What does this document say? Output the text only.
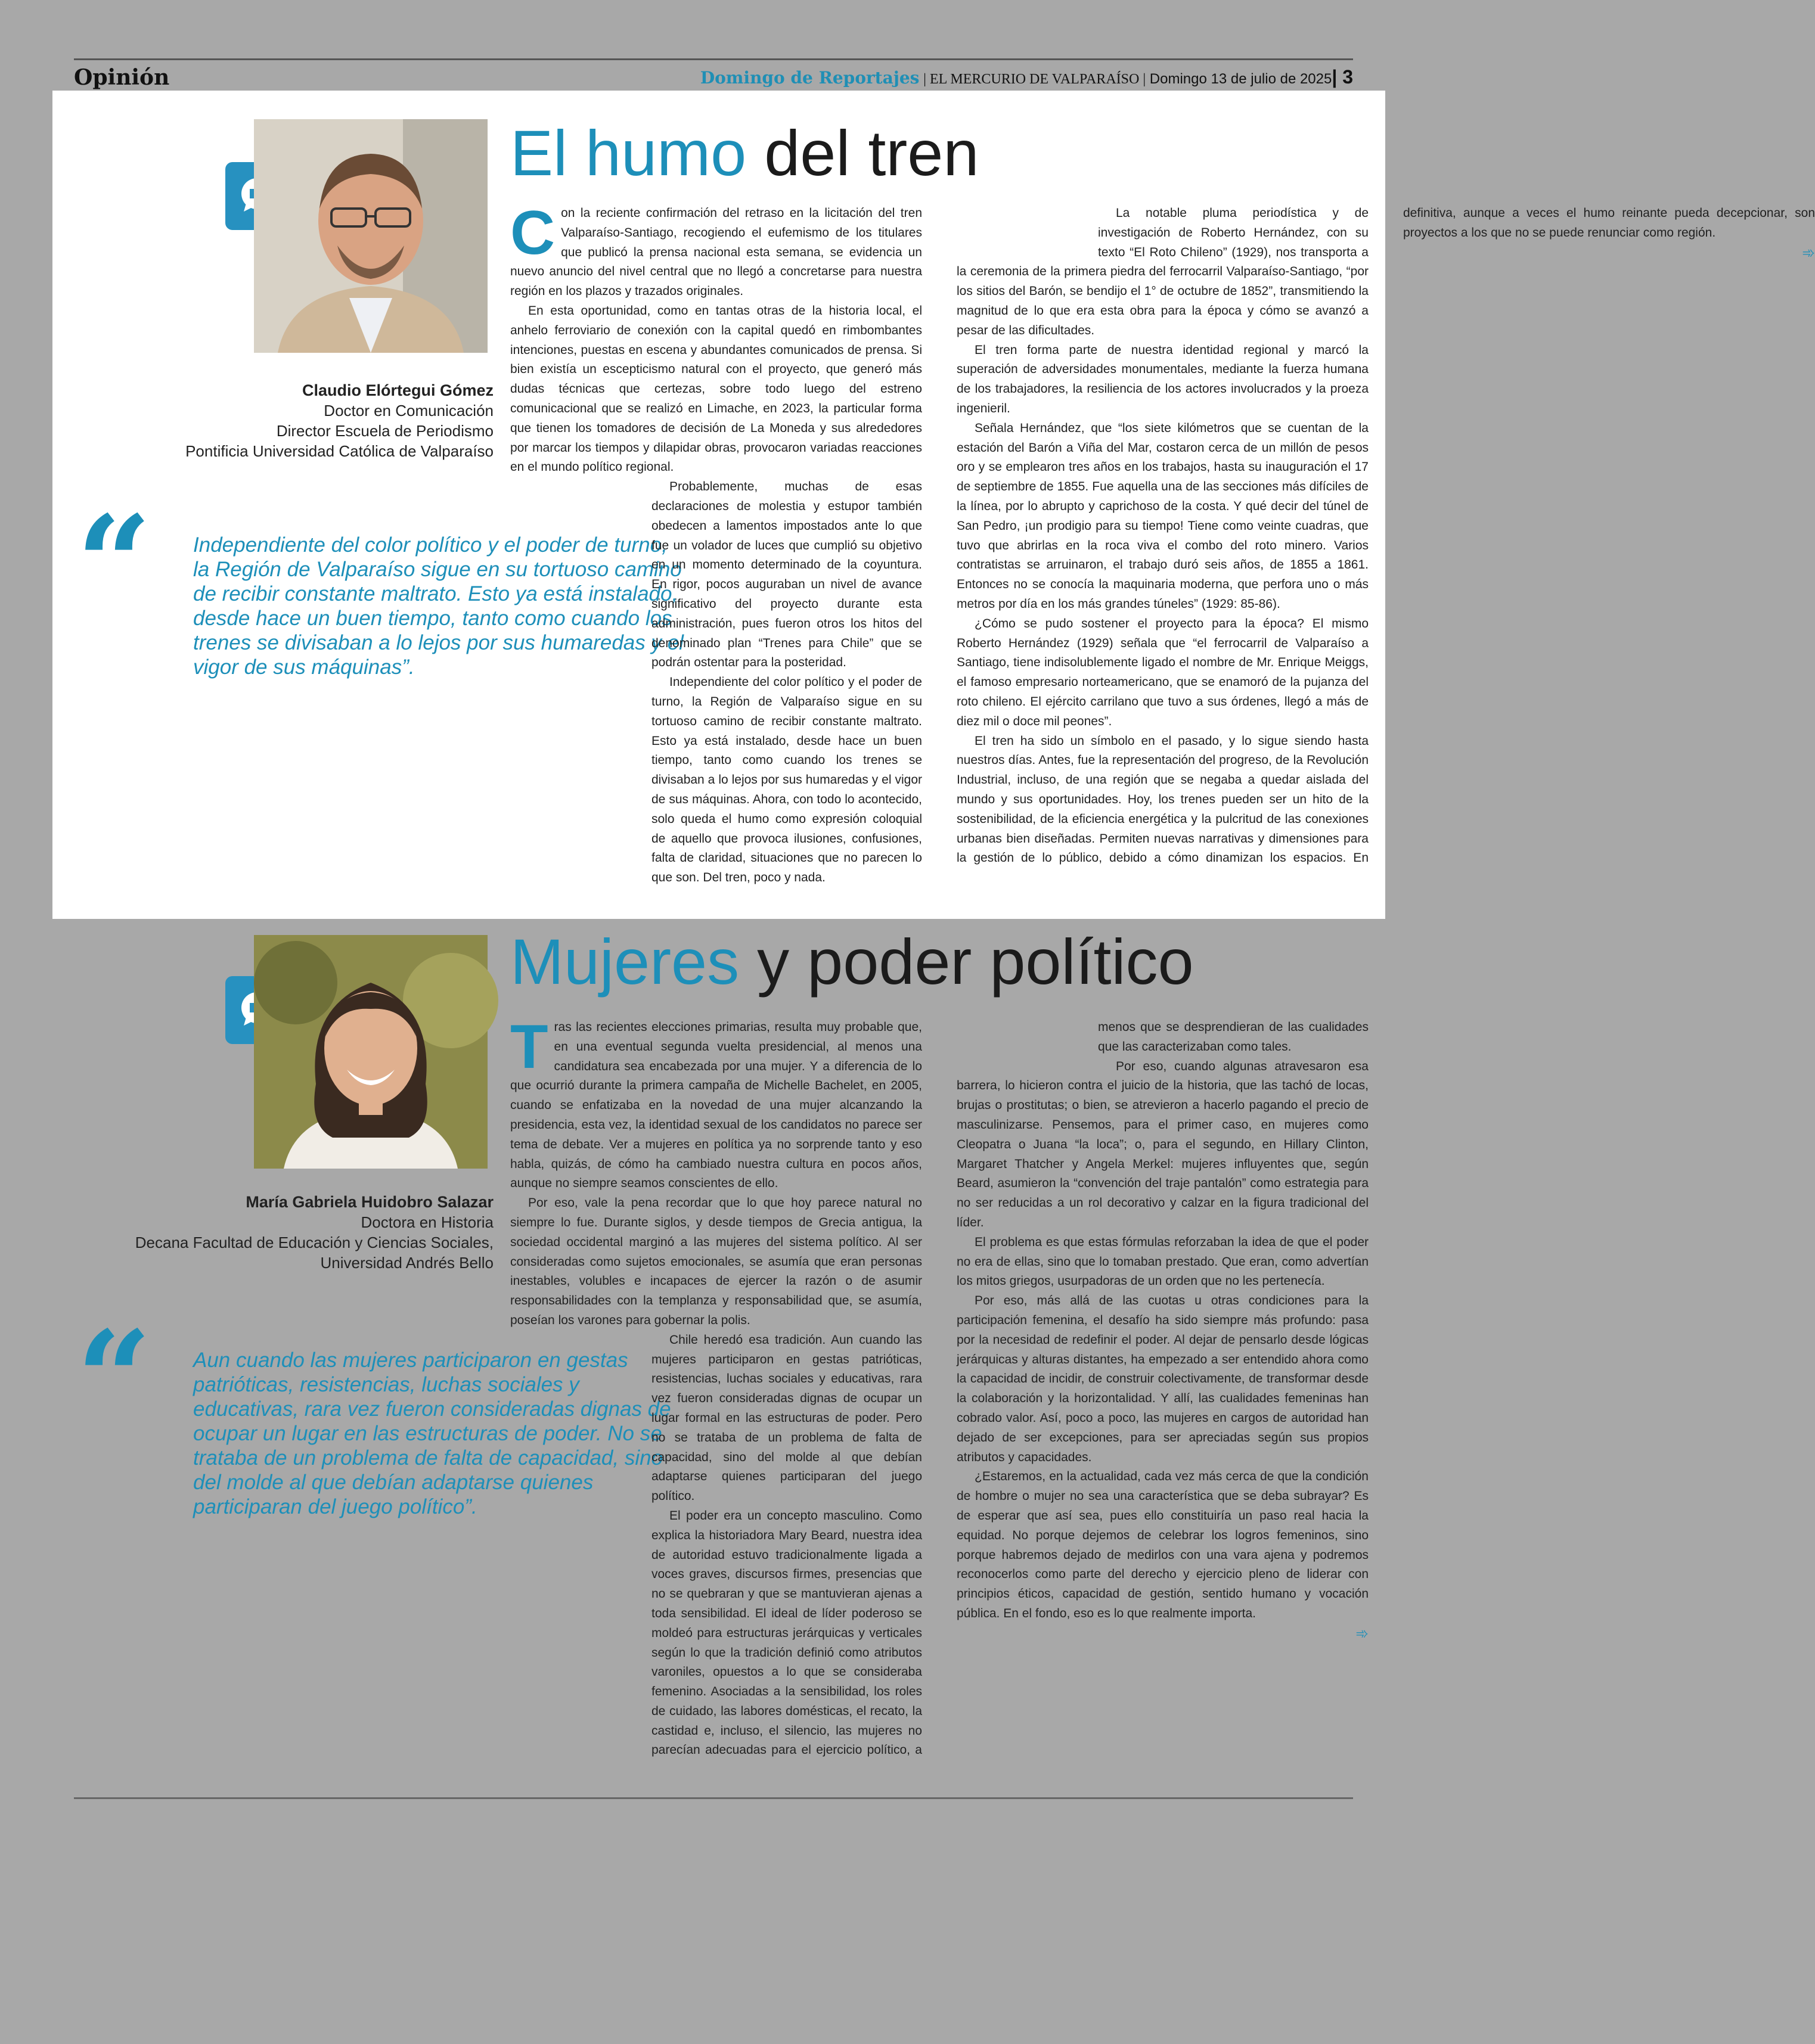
Opinión	Domingo de Reportajes | EL MERCURIO DE VALPARAÍSO | Domingo 13 de julio de 2025| 3
El humo del tren
Claudio Elórtegui Gómez
Doctor en Comunicación
Director Escuela de Periodismo
Pontificia Universidad Católica de Valparaíso
“ Independiente del color político y el poder de turno, la Región de Valparaíso sigue en su tortuoso camino de recibir constante maltrato. Esto ya está instalado, desde hace un buen tiempo, tanto como cuando los trenes se divisaban a lo lejos por sus humaredas y el vigor de sus máquinas”.

Con la reciente confirmación del retraso en la licitación del tren Valparaíso-Santiago, recogiendo el eufemismo de los titulares que publicó la prensa nacional esta semana, se evidencia un nuevo anuncio del nivel central que no llegó a concretarse para nuestra región en los plazos y trazados originales.

En esta oportunidad, como en tantas otras de la historia local, el anhelo ferroviario de conexión con la capital quedó en rimbombantes intenciones, puestas en escena y abundantes comunicados de prensa. Si bien existía un escepticismo natural con el proyecto, que generó más dudas técnicas que certezas, sobre todo luego del estreno comunicacional que se realizó en Limache, en 2023, la particular forma que tienen los tomadores de decisión de La Moneda y sus alrededores por marcar los tiempos y dilapidar obras, provocaron variadas reacciones en el mundo político regional.

Probablemente, muchas de esas declaraciones de molestia y estupor también obedecen a lamentos impostados ante lo que fue un volador de luces que cumplió su objetivo en un momento determinado de la coyuntura. En rigor, pocos auguraban un nivel de avance significativo del proyecto durante esta administración, pues fueron otros los hitos del denominado plan “Trenes para Chile” que se podrán ostentar para la posteridad.

Independiente del color político y el poder de turno, la Región de Valparaíso sigue en su tortuoso camino de recibir constante maltrato. Esto ya está instalado, desde hace un buen tiempo, tanto como cuando los trenes se divisaban a lo lejos por sus humaredas y el vigor de sus máquinas. Ahora, con todo lo acontecido, solo queda el humo como expresión coloquial de aquello que provoca ilusiones, confusiones, falta de claridad, situaciones que no parecen lo que son. Del tren, poco y nada.

La notable pluma periodística y de investigación de Roberto Hernández, con su texto “El Roto Chileno” (1929), nos transporta a la ceremonia de la primera piedra del ferrocarril Valparaíso-Santiago, “por los sitios del Barón, se bendijo el 1° de octubre de 1852”, transmitiendo la magnitud de lo que era esta obra para la época y cómo se avanzó a pesar de las dificultades.

El tren forma parte de nuestra identidad regional y marcó la superación de adversidades monumentales, mediante la fuerza humana de los trabajadores, la resiliencia de los actores involucrados y la proeza ingenieril.

Señala Hernández, que “los siete kilómetros que se cuentan de la estación del Barón a Viña del Mar, costaron cerca de un millón de pesos oro y se emplearon tres años en los trabajos, hasta su inauguración el 17 de septiembre de 1855. Fue aquella una de las secciones más difíciles de la línea, por lo abrupto y caprichoso de la costa. Y qué decir del túnel de San Pedro, ¡un prodigio para su tiempo! Tiene como veinte cuadras, que tuvo que abrirlas en la roca viva el combo del roto minero. Varios contratistas se arruinaron, el trabajo duró seis años, de 1855 a 1861. Entonces no se conocía la maquinaria moderna, que perfora uno o más metros por día en los más grandes túneles” (1929: 85-86).

¿Cómo se pudo sostener el proyecto para la época? El mismo Roberto Hernández (1929) señala que “el ferrocarril de Valparaíso a Santiago, tiene indisolublemente ligado el nombre de Mr. Enrique Meiggs, el famoso empresario norteamericano, que se enamoró de la pujanza del roto chileno. El ejército carrilano que tuvo a sus órdenes, llegó a más de diez mil o doce mil peones”.

El tren ha sido un símbolo en el pasado, y lo sigue siendo hasta nuestros días. Antes, fue la representación del progreso, de la Revolución Industrial, incluso, de una región que se negaba a quedar aislada del mundo y sus oportunidades. Hoy, los trenes pueden ser un hito de la sostenibilidad, de la eficiencia energética y la pulcritud de las conexiones urbanas bien diseñadas. Permiten nuevas narrativas y dimensiones para la gestión de lo público, debido a cómo dinamizan los espacios. En definitiva, aunque a veces el humo reinante pueda decepcionar, son proyectos a los que no se puede renunciar como región.

➾
Mujeres y poder político
María Gabriela Huidobro Salazar
Doctora en Historia
Decana Facultad de Educación y Ciencias Sociales,
Universidad Andrés Bello
“ Aun cuando las mujeres participaron en gestas patrióticas, resistencias, luchas sociales y educativas, rara vez fueron consideradas dignas de ocupar un lugar en las estructuras de poder. No se trataba de un problema de falta de capacidad, sino del molde al que debían adaptarse quienes participaran del juego político”.

Tras las recientes elecciones primarias, resulta muy probable que, en una eventual segunda vuelta presidencial, al menos una candidatura sea encabezada por una mujer. Y a diferencia de lo que ocurrió durante la primera campaña de Michelle Bachelet, en 2005, cuando se enfatizaba en la novedad de una mujer alcanzando la presidencia, esta vez, la identidad sexual de los candidatos no parece ser tema de debate. Ver a mujeres en política ya no sorprende tanto y eso habla, quizás, de cómo ha cambiado nuestra cultura en pocos años, aunque no siempre seamos conscientes de ello.

Por eso, vale la pena recordar que lo que hoy parece natural no siempre lo fue. Durante siglos, y desde tiempos de Grecia antigua, la sociedad occidental marginó a las mujeres del sistema político. Al ser consideradas como sujetos emocionales, se asumía que eran personas inestables, volubles e incapaces de ejercer la razón o de asumir responsabilidades con la templanza y responsabilidad que, se asumía, poseían los varones para gobernar la polis.

Chile heredó esa tradición. Aun cuando las mujeres participaron en gestas patrióticas, resistencias, luchas sociales y educativas, rara vez fueron consideradas dignas de ocupar un lugar formal en las estructuras de poder. Pero no se trataba de un problema de falta de capacidad, sino del molde al que debían adaptarse quienes participaran del juego político.

El poder era un concepto masculino. Como explica la historiadora Mary Beard, nuestra idea de autoridad estuvo tradicionalmente ligada a voces graves, discursos firmes, presencias que no se quebraran y que se mantuvieran ajenas a toda sensibilidad. El ideal de líder poderoso se moldeó para estructuras jerárquicas y verticales según lo que la tradición definió como atributos varoniles, opuestos a lo que se consideraba femenino. Asociadas a la sensibilidad, los roles de cuidado, las labores domésticas, el recato, la castidad e, incluso, el silencio, las mujeres no parecían adecuadas para el ejercicio político, a menos que se desprendieran de las cualidades que las caracterizaban como tales.

Por eso, cuando algunas atravesaron esa barrera, lo hicieron contra el juicio de la historia, que las tachó de locas, brujas o prostitutas; o bien, se atrevieron a hacerlo pagando el precio de masculinizarse. Pensemos, para el primer caso, en mujeres como Cleopatra o Juana “la loca”; o, para el segundo, en Hillary Clinton, Margaret Thatcher y Angela Merkel: mujeres influyentes que, según Beard, asumieron la “convención del traje pantalón” como estrategia para no ser reducidas a un rol decorativo y calzar en la figura tradicional del líder.

El problema es que estas fórmulas reforzaban la idea de que el poder no era de ellas, sino que lo tomaban prestado. Que eran, como advertían los mitos griegos, usurpadoras de un orden que no les pertenecía.

Por eso, más allá de las cuotas u otras condiciones para la participación femenina, el desafío ha sido siempre más profundo: pasa por la necesidad de redefinir el poder. Al dejar de pensarlo desde lógicas jerárquicas y alturas distantes, ha empezado a ser entendido ahora como la capacidad de incidir, de construir colectivamente, de transformar desde la colaboración y la horizontalidad. Y allí, las cualidades femeninas han cobrado valor. Así, poco a poco, las mujeres en cargos de autoridad han dejado de ser excepciones, para ser apreciadas según sus propios atributos y capacidades.

¿Estaremos, en la actualidad, cada vez más cerca de que la condición de hombre o mujer no sea una característica que se deba subrayar? Es de esperar que así sea, pues ello constituiría un paso real hacia la equidad. No porque dejemos de celebrar los logros femeninos, sino porque habremos dejado de medirlos con una vara ajena y podremos reconocerlos como parte del derecho y ejercicio pleno de liderar con principios éticos, capacidad de gestión, sentido humano y vocación pública. En el fondo, eso es lo que realmente importa.

➾
